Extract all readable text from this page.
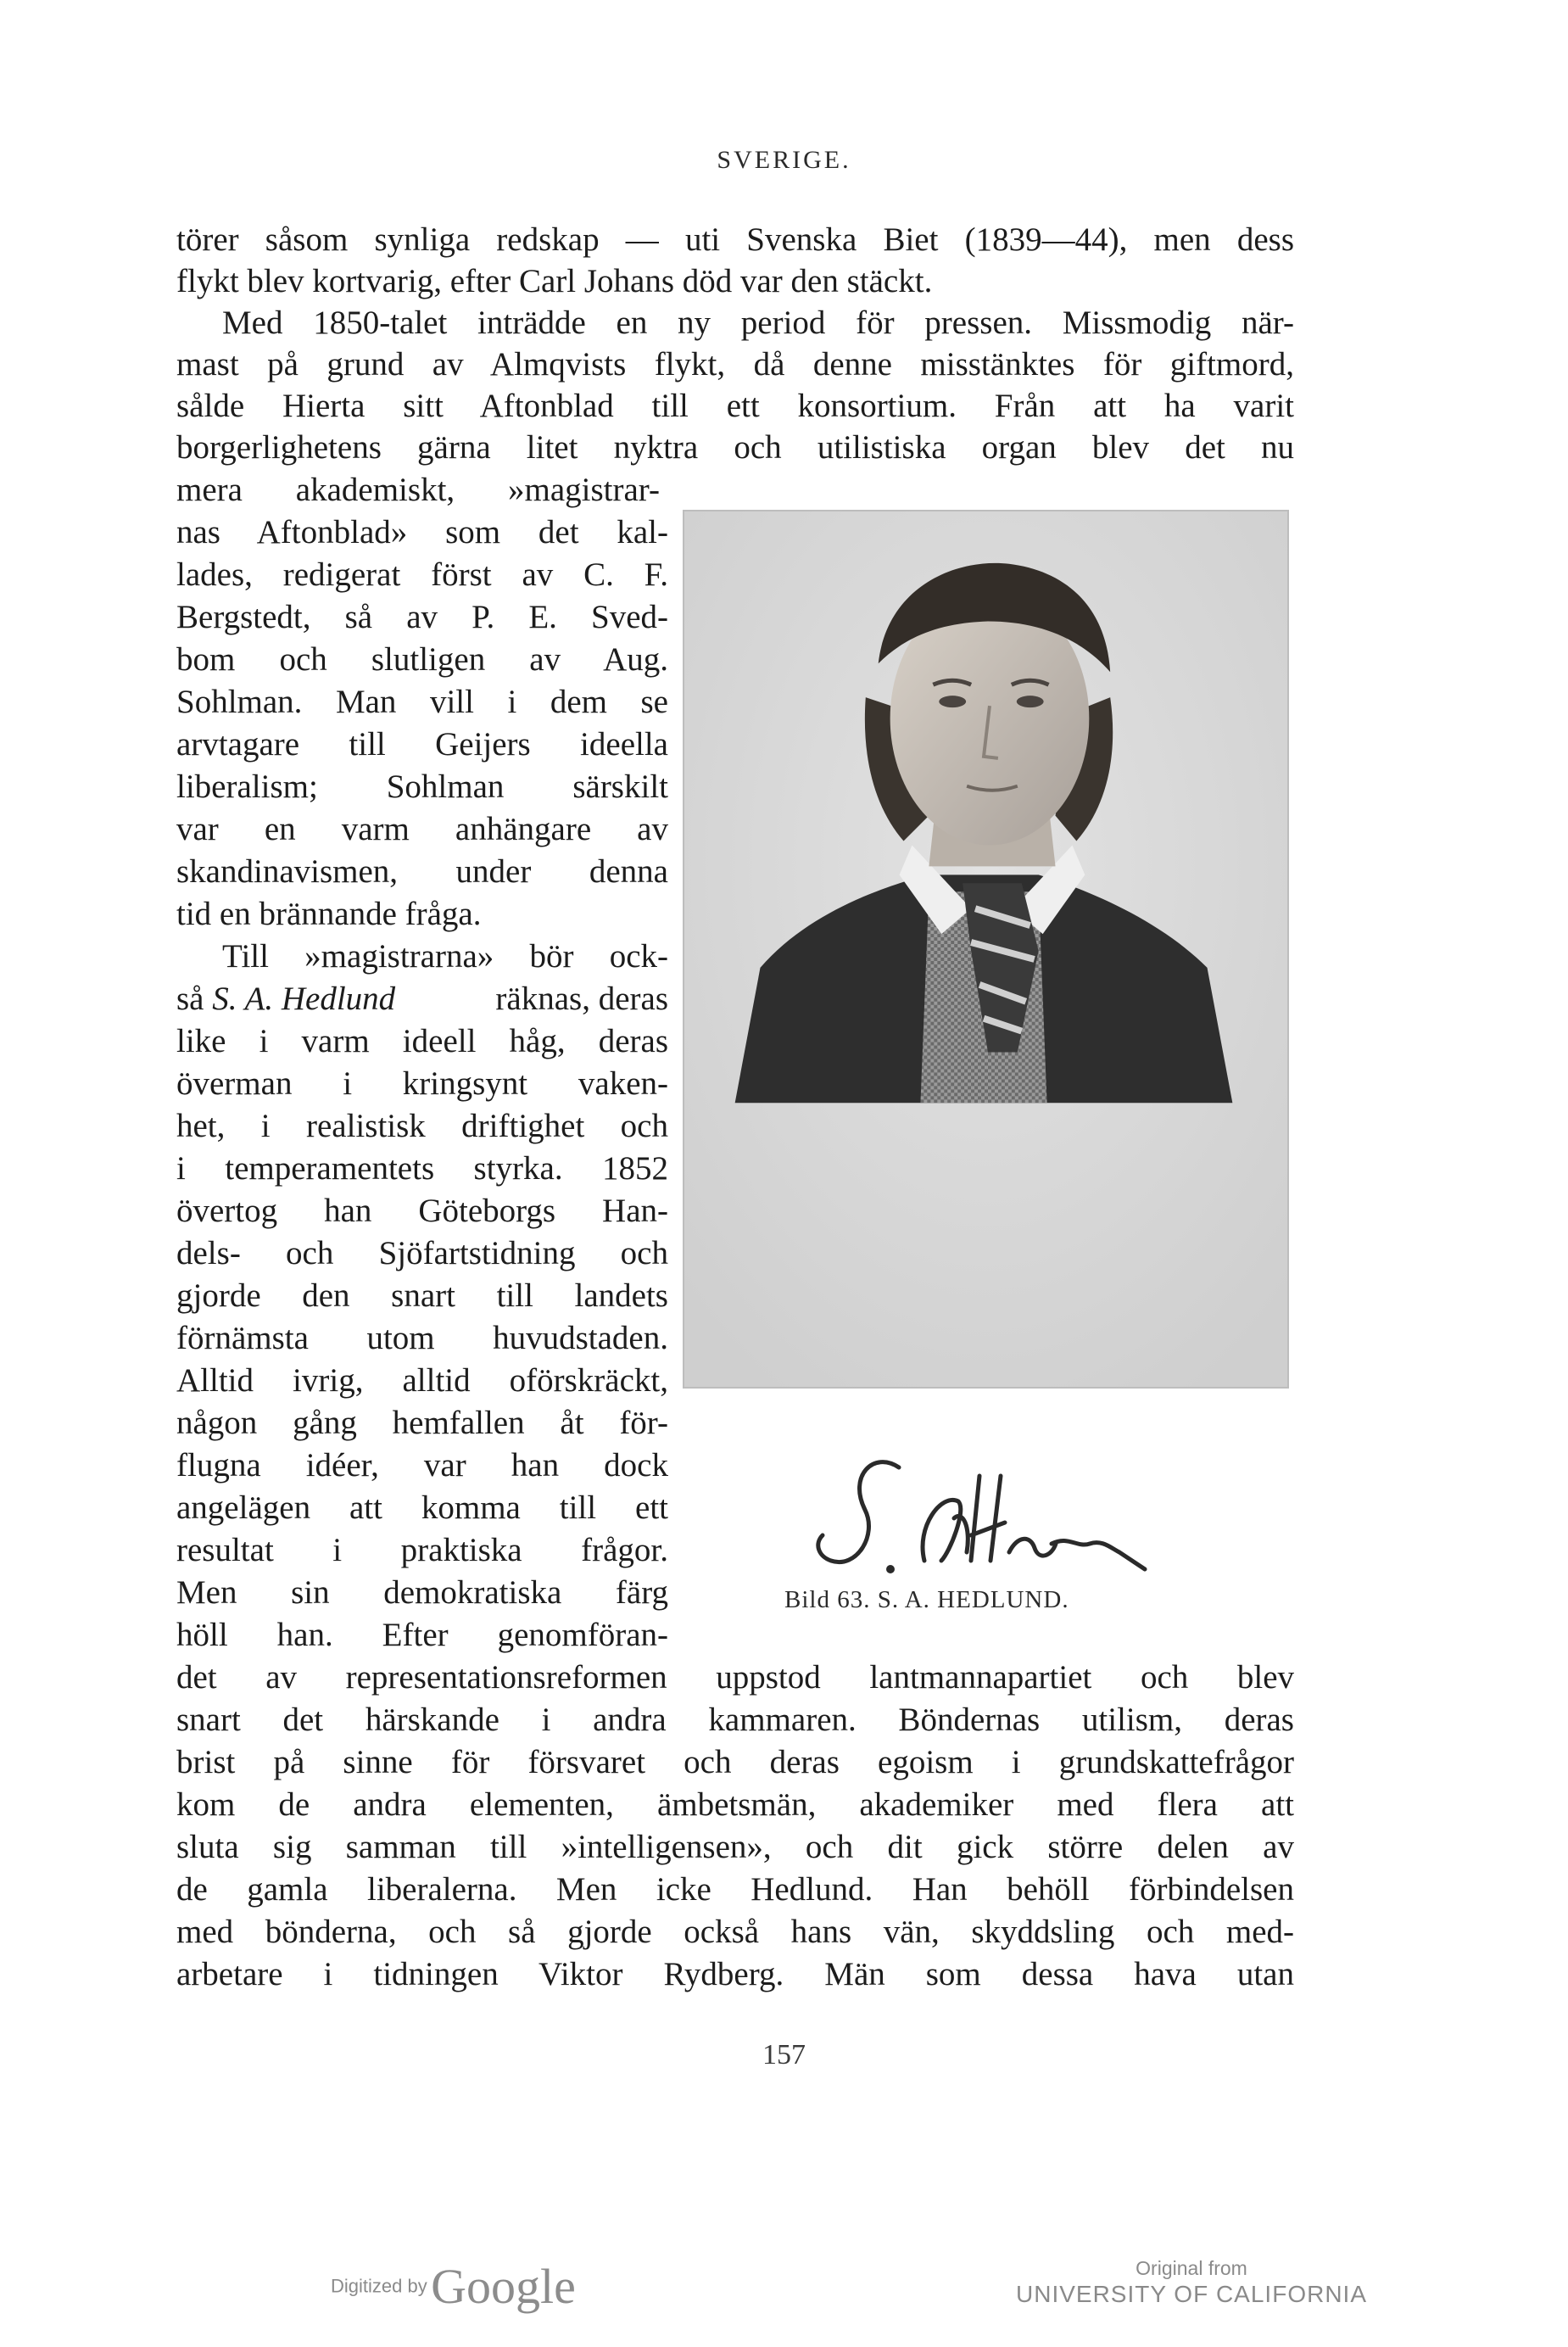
SVERIGE.
törer såsom synliga redskap — uti Svenska Biet (1839—44), men dess
flykt blev kortvarig, efter Carl Johans död var den stäckt.
Med 1850-talet inträdde en ny period för pressen. Missmodig när-
mast på grund av Almqvists flykt, då denne misstänktes för giftmord,
sålde Hierta sitt Aftonblad till ett konsortium. Från att ha varit
borgerlighetens gärna litet nyktra och utilistiska organ blev det nu
mera akademiskt, »magistrar-
nas Aftonblad» som det kal-
lades, redigerat först av C. F.
Bergstedt, så av P. E. Sved-
bom och slutligen av Aug.
Sohlman. Man vill i dem se
arvtagare till Geijers ideella
liberalism; Sohlman särskilt
var en varm anhängare av
skandinavismen, under denna
tid en brännande fråga.
Till »magistrarna» bör ock-
så S. A. Hedlund	räknas, deras
like i varm ideell håg, deras
överman i kringsynt vaken-
het, i realistisk driftighet och
i temperamentets styrka. 1852
övertog han Göteborgs Han-
dels- och Sjöfartstidning och
gjorde den snart till landets
förnämsta utom huvudstaden.
Alltid ivrig, alltid oförskräckt,
någon gång hemfallen åt för-
flugna idéer, var han dock
angelägen att komma till ett
resultat i praktiska frågor.
Men sin demokratiska färg
höll han. Efter genomföran-
det av representationsreformen uppstod lantmannapartiet och blev
snart det härskande i andra kammaren. Böndernas utilism, deras
brist på sinne för försvaret och deras egoism i grundskattefrågor
kom de andra elementen, ämbetsmän, akademiker med flera att
sluta sig samman till »intelligensen», och dit gick större delen av
de gamla liberalerna. Men icke Hedlund. Han behöll förbindelsen
med bönderna, och så gjorde också hans vän, skyddsling och med-
arbetare i tidningen Viktor Rydberg. Män som dessa hava utan
Bild 63. S. A. HEDLUND.
157
Digitized by Google	Original from
UNIVERSITY OF CALIFORNIA
